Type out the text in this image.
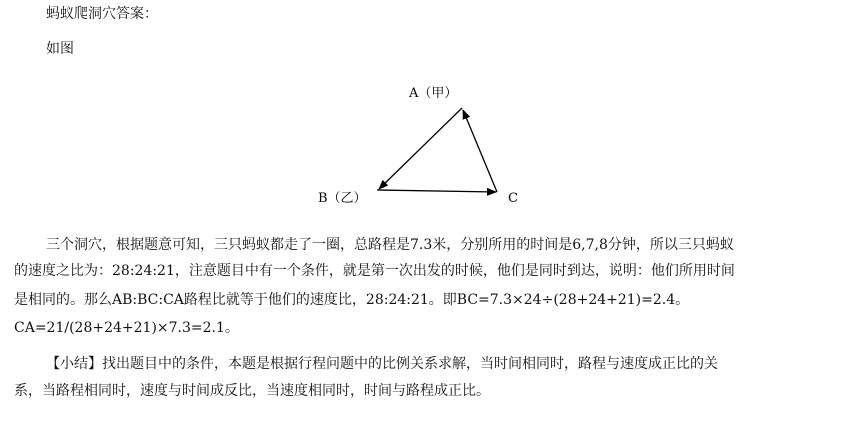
蚂蚁爬洞穴答案：
如图
A（甲）
B（乙）	C
三个洞穴，根据题意可知，三只蚂蚁都走了一圈，总路程是7.3米，分别所用的时间是6,7,8分钟，所以三只蚂蚁
的速度之比为：28:24:21，注意题目中有一个条件，就是第一次出发的时候，他们是同时到达，说明：他们所用时间
是相同的。那么AB:BC:CA路程比就等于他们的速度比，28:24:21。即BC=7.3×24÷(28+24+21)=2.4。
CA=21/(28+24+21)×7.3=2.1。
【小结】找出题目中的条件，本题是根据行程问题中的比例关系求解，当时间相同时，路程与速度成正比的关
系，当路程相同时，速度与时间成反比，当速度相同时，时间与路程成正比。
